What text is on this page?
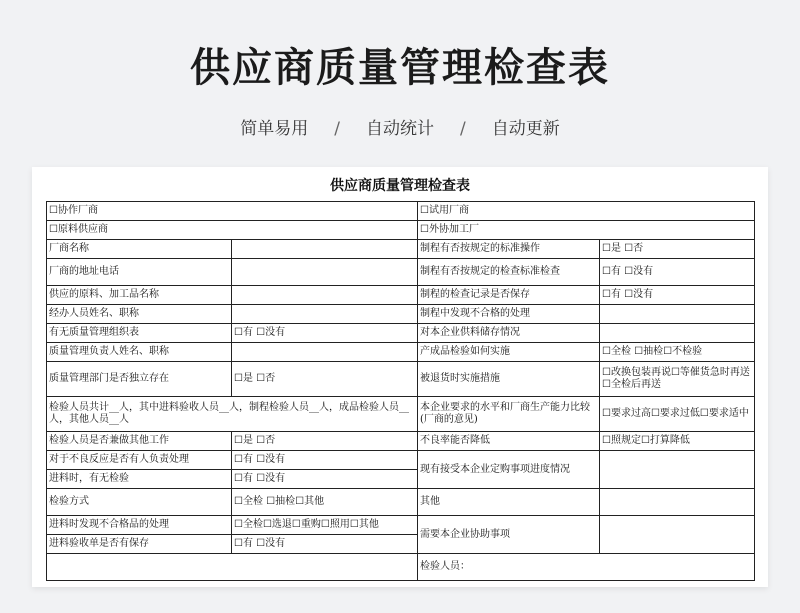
供应商质量管理检查表
简单易用 / 自动统计 / 自动更新
供应商质量管理检查表
☐协作厂商		☐试用厂商	
☐原料供应商		☐外协加工厂	
厂商名称		制程有否按规定的标准操作	☐是 ☐否
厂商的地址电话		制程有否按规定的检查标准检查	☐有 ☐没有
供应的原料、加工品名称		制程的检查记录是否保存	☐有 ☐没有
经办人员姓名、职称		制程中发现不合格的处理	
有无质量管理组织表	☐有 ☐没有	对本企业供料储存情况	
质量管理负责人姓名、职称		产成品检验如何实施	☐全检 ☐抽检☐不检验
质量管理部门是否独立存在	☐是 ☐否	被退货时实施措施	☐改换包装再说☐等催货急时再送☐全检后再送
检验人员共计__人，其中进料验收人员__人，制程检验人员__人，成品检验人员__人，其他人员__人		本企业要求的水平和厂商生产能力比较(厂商的意见)	☐要求过高☐要求过低☐要求适中
检验人员是否兼做其他工作	☐是 ☐否	不良率能否降低	☐照规定☐打算降低
对于不良反应是否有人负责处理	☐有 ☐没有	现有接受本企业定购事项进度情况	
进料时，有无检验	☐有 ☐没有		
检验方式	☐全检 ☐抽检☐其他	其他	
进料时发现不合格品的处理	☐全检☐选退☐重购☐照用☐其他	需要本企业协助事项	
进料验收单是否有保存	☐有 ☐没有		
		检验人员：	
